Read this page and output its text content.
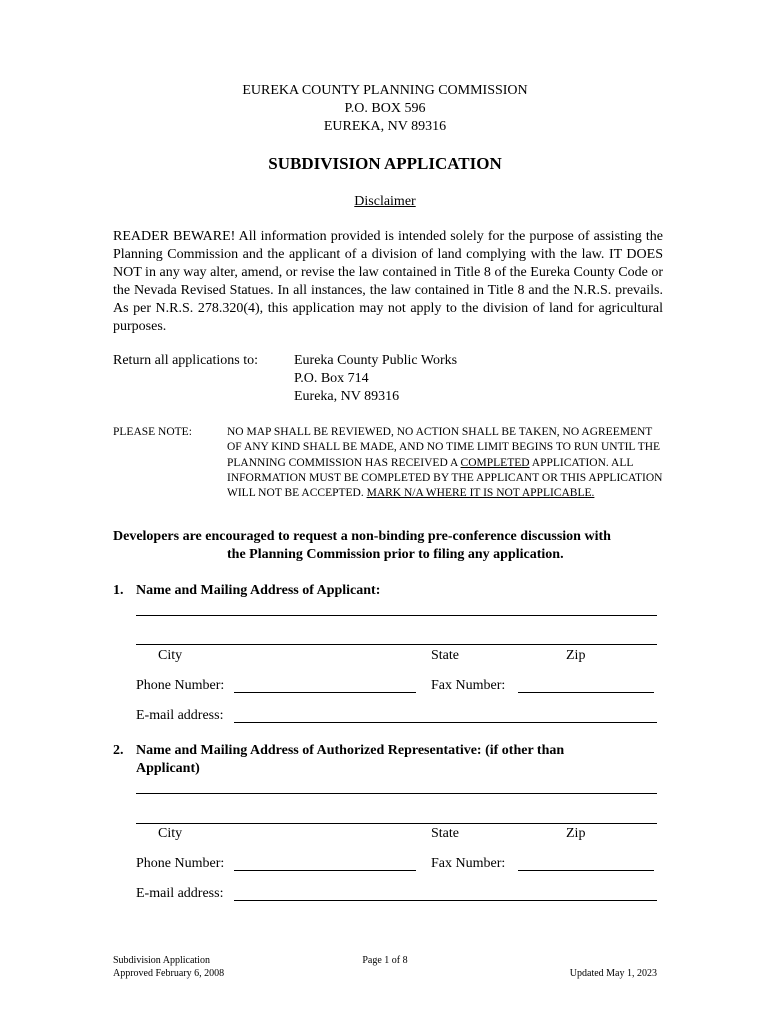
EUREKA COUNTY PLANNING COMMISSION
P.O. BOX 596
EUREKA, NV 89316
SUBDIVISION APPLICATION
Disclaimer
READER BEWARE! All information provided is intended solely for the purpose of assisting the Planning Commission and the applicant of a division of land complying with the law. IT DOES NOT in any way alter, amend, or revise the law contained in Title 8 of the Eureka County Code or the Nevada Revised Statues. In all instances, the law contained in Title 8 and the N.R.S. prevails. As per N.R.S. 278.320(4), this application may not apply to the division of land for agricultural purposes.
Return all applications to:	Eureka County Public Works
P.O. Box 714
Eureka, NV 89316
PLEASE NOTE:	NO MAP SHALL BE REVIEWED, NO ACTION SHALL BE TAKEN, NO AGREEMENT OF ANY KIND SHALL BE MADE, AND NO TIME LIMIT BEGINS TO RUN UNTIL THE PLANNING COMMISSION HAS RECEIVED A COMPLETED APPLICATION. ALL INFORMATION MUST BE COMPLETED BY THE APPLICANT OR THIS APPLICATION WILL NOT BE ACCEPTED. MARK N/A WHERE IT IS NOT APPLICABLE.
Developers are encouraged to request a non-binding pre-conference discussion with
the Planning Commission prior to filing any application.
1. Name and Mailing Address of Applicant:
City	State	Zip
Phone Number:	Fax Number:
E-mail address:
2. Name and Mailing Address of Authorized Representative: (if other than
Applicant)
City	State	Zip
Phone Number:	Fax Number:
E-mail address:
Subdivision Application
Approved February 6, 2008
Page 1 of 8
Updated May 1, 2023
